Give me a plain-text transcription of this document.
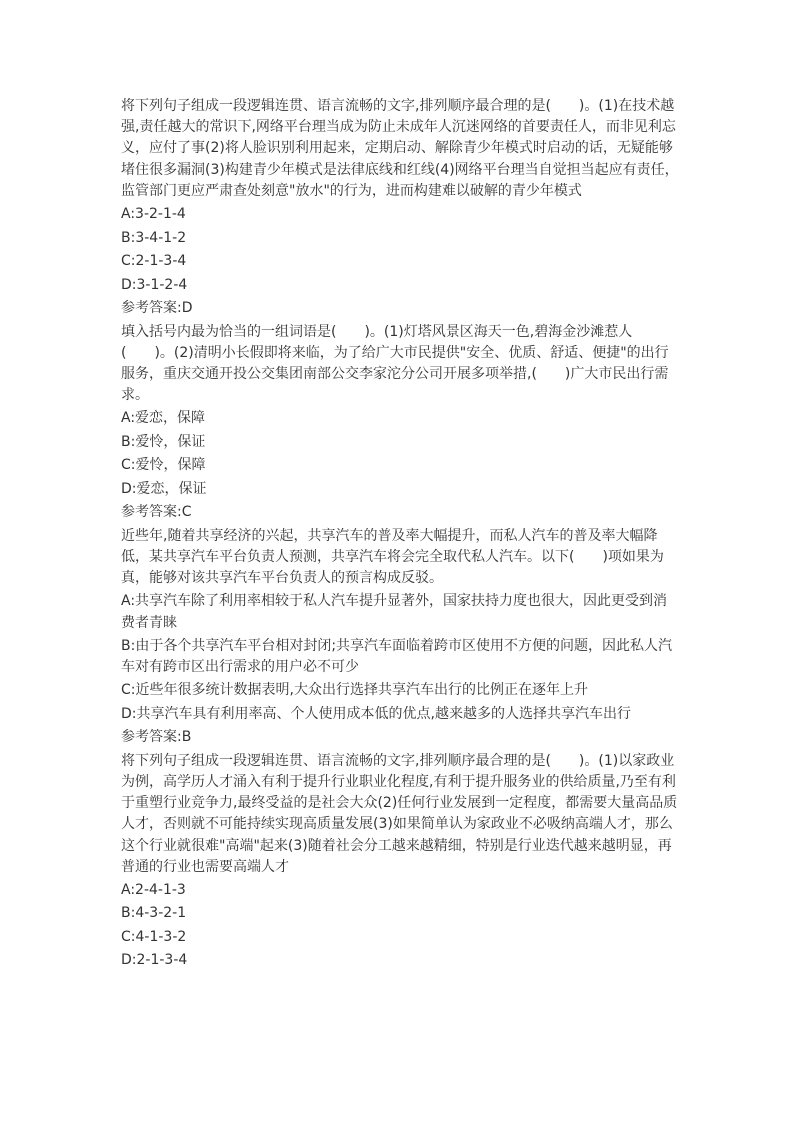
将下列句子组成一段逻辑连贯、语言流畅的文字,排列顺序最合理的是(　　)。(1)在技术越强,责任越大的常识下,网络平台理当成为防止未成年人沉迷网络的首要责任人，而非见利忘义，应付了事(2)将人脸识别利用起来，定期启动、解除青少年模式时启动的话，无疑能够堵住很多漏洞(3)构建青少年模式是法律底线和红线(4)网络平台理当自觉担当起应有责任，监管部门更应严肃查处刻意"放水"的行为，进而构建难以破解的青少年模式

A:3-2-1-4

B:3-4-1-2

C:2-1-3-4

D:3-1-2-4

参考答案:D

填入括号内最为恰当的一组词语是(　　)。(1)灯塔风景区海天一色,碧海金沙滩惹人(　　)。(2)清明小长假即将来临，为了给广大市民提供"安全、优质、舒适、便捷"的出行服务，重庆交通开投公交集团南部公交李家沱分公司开展多项举措,(　　)广大市民出行需求。

A:爱恋，保障

B:爱怜，保证

C:爱怜，保障

D:爱恋，保证

参考答案:C

近些年,随着共享经济的兴起，共享汽车的普及率大幅提升，而私人汽车的普及率大幅降低，某共享汽车平台负责人预测，共享汽车将会完全取代私人汽车。以下(　　)项如果为真，能够对该共享汽车平台负责人的预言构成反驳。

A:共享汽车除了利用率相较于私人汽车提升显著外，国家扶持力度也很大，因此更受到消费者青睐

B:由于各个共享汽车平台相对封闭;共享汽车面临着跨市区使用不方便的问题，因此私人汽车对有跨市区出行需求的用户必不可少

C:近些年很多统计数据表明,大众出行选择共享汽车出行的比例正在逐年上升

D:共享汽车具有利用率高、个人使用成本低的优点,越来越多的人选择共享汽车出行

参考答案:B

将下列句子组成一段逻辑连贯、语言流畅的文字,排列顺序最合理的是(　　)。(1)以家政业为例，高学历人才涌入有利于提升行业职业化程度,有利于提升服务业的供给质量,乃至有利于重塑行业竞争力,最终受益的是社会大众(2)任何行业发展到一定程度，都需要大量高品质人才，否则就不可能持续实现高质量发展(3)如果简单认为家政业不必吸纳高端人才，那么这个行业就很难"高端"起来(3)随着社会分工越来越精细，特别是行业迭代越来越明显，再普通的行业也需要高端人才

A:2-4-1-3

B:4-3-2-1

C:4-1-3-2

D:2-1-3-4
